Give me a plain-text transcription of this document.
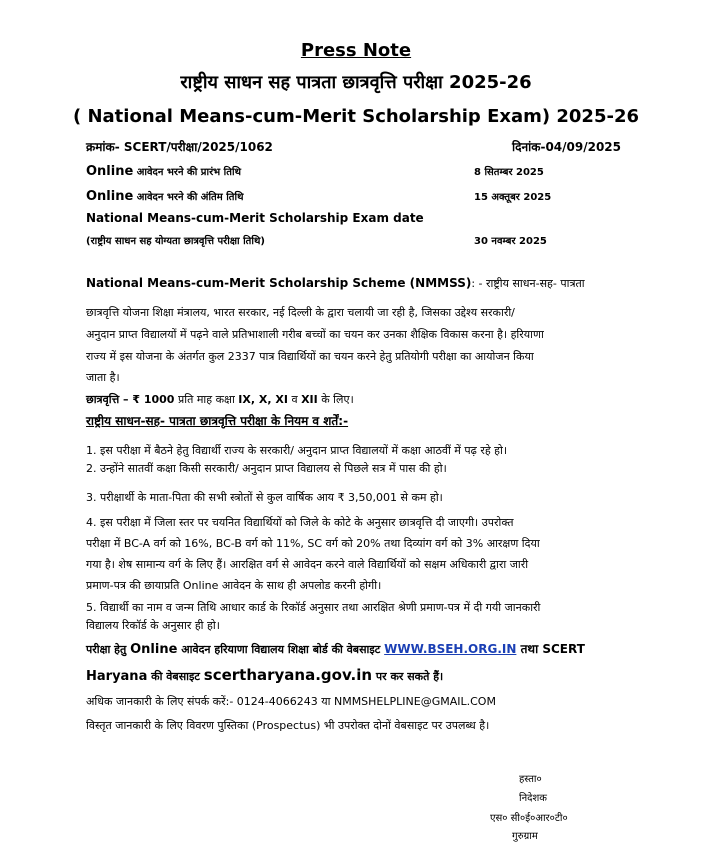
Press Note
राष्ट्रीय साधन सह पात्रता छात्रवृत्ति परीक्षा 2025-26
( National Means-cum-Merit Scholarship Exam) 2025-26
क्रमांक- SCERT/परीक्षा/2025/1062	दिनांक-04/09/2025
Online आवेदन भरने की प्रारंभ तिथि	8 सितम्बर 2025
Online आवेदन भरने की अंतिम तिथि	15 अक्तूबर 2025
National Means-cum-Merit Scholarship Exam date
(राष्ट्रीय साधन सह योग्यता छात्रवृत्ति परीक्षा तिथि)	30 नवम्बर 2025
National Means-cum-Merit Scholarship Scheme (NMMSS): - राष्ट्रीय साधन-सह- पात्रता
छात्रवृत्ति योजना शिक्षा मंत्रालय, भारत सरकार, नई दिल्ली के द्वारा चलायी जा रही है, जिसका उद्देश्य सरकारी/
अनुदान प्राप्त विद्यालयों में पढ़ने वाले प्रतिभाशाली गरीब बच्चों का चयन कर उनका शैक्षिक विकास करना है। हरियाणा
राज्य में इस योजना के अंतर्गत कुल 2337 पात्र विद्यार्थियों का चयन करने हेतु प्रतियोगी परीक्षा का आयोजन किया
जाता है।
छात्रवृत्ति – ₹ 1000 प्रति माह कक्षा IX, X, XI व XII के लिए।
राष्ट्रीय साधन-सह- पात्रता छात्रवृत्ति परीक्षा के नियम व शर्तें:-
1. इस परीक्षा में बैठने हेतु विद्यार्थी राज्य के सरकारी/ अनुदान प्राप्त विद्यालयों में कक्षा आठवीं में पढ़ रहे हो।
2. उन्होंने सातवीं कक्षा किसी सरकारी/ अनुदान प्राप्त विद्यालय से पिछले सत्र में पास की हो।
3. परीक्षार्थी के माता-पिता की सभी स्त्रोतों से कुल वार्षिक आय ₹ 3,50,001 से कम हो।
4. इस परीक्षा में जिला स्तर पर चयनित विद्यार्थियों को जिले के कोटे के अनुसार छात्रवृत्ति दी जाएगी। उपरोक्त
परीक्षा में BC-A वर्ग को 16%, BC-B वर्ग को 11%, SC वर्ग को 20% तथा दिव्यांग वर्ग को 3% आरक्षण दिया
गया है। शेष सामान्य वर्ग के लिए हैं। आरक्षित वर्ग से आवेदन करने वाले विद्यार्थियों को सक्षम अधिकारी द्वारा जारी
प्रमाण-पत्र की छायाप्रति Online आवेदन के साथ ही अपलोड करनी होगी।
5. विद्यार्थी का नाम व जन्म तिथि आधार कार्ड के रिकॉर्ड अनुसार तथा आरक्षित श्रेणी प्रमाण-पत्र में दी गयी जानकारी
विद्यालय रिकॉर्ड के अनुसार ही हो।
परीक्षा हेतु Online आवेदन हरियाणा विद्यालय शिक्षा बोर्ड की वेबसाइट WWW.BSEH.ORG.IN तथा SCERT
Haryana की वेबसाइट scertharyana.gov.in पर कर सकते हैं।
अधिक जानकारी के लिए संपर्क करें:- 0124-4066243 या NMMSHELPLINE@GMAIL.COM
विस्तृत जानकारी के लिए विवरण पुस्तिका (Prospectus) भी उपरोक्त दोनों वेबसाइट पर उपलब्ध है।
हस्ता०
निदेशक
एस० सी०ई०आर०टी०
गुरुग्राम
